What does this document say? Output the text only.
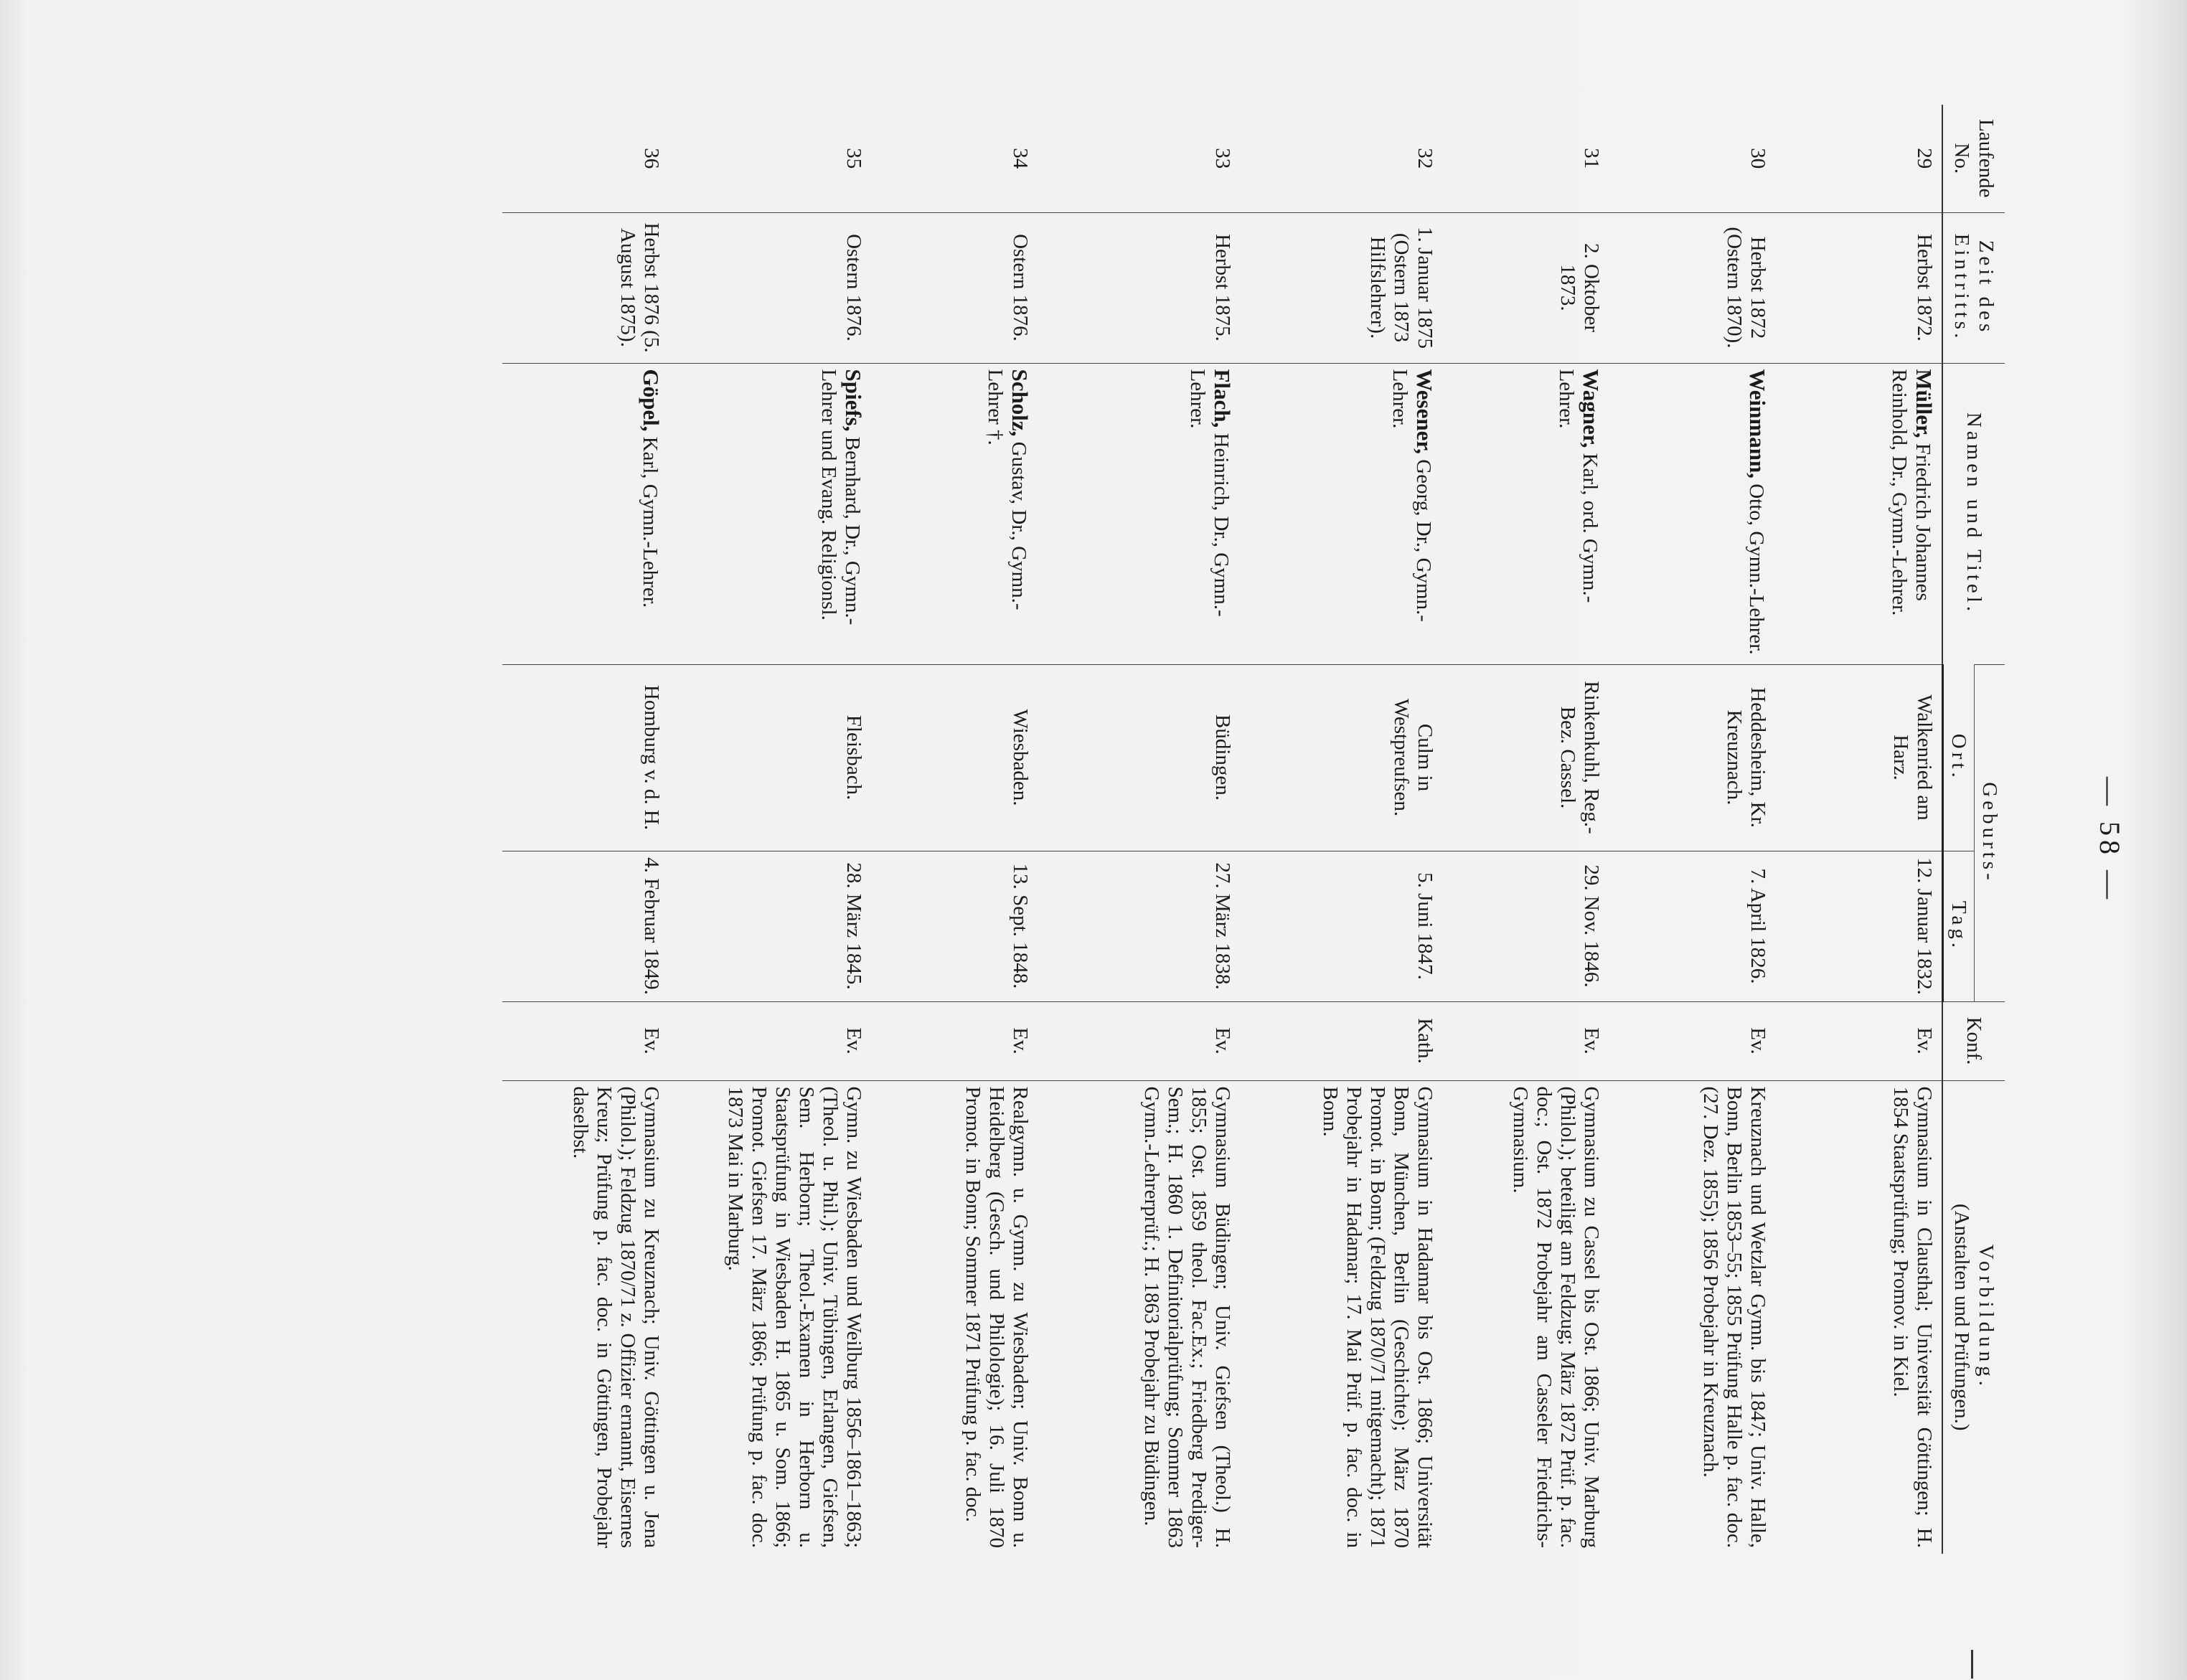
— 58 —
Laufende No.	Zeit des Eintritts.	Namen und Titel.	Geburts-		Konf.	Vorbildung.
(Anstalten und Prüfungen.)

			Ort.	Tag.		
29	Herbst 1872.	Müller, Friedrich Johannes Reinhold, Dr., Gymn.-Lehrer.	Walkenried am Harz.	12. Januar 1832.	Ev.	Gymnasium in Clausthal; Universität Göttingen; H. 1854 Staatsprüfung; Promov. in Kiel.
30	Herbst 1872 (Ostern 1870).	Weinmann, Otto, Gymn.-Lehrer.	Heddesheim, Kr. Kreuznach.	7. April 1826.	Ev.	Kreuznach und Wetzlar Gymn. bis 1847; Univ. Halle, Bonn, Berlin 1853–55; 1855 Prüfung Halle p. fac. doc. (27. Dez. 1855); 1856 Probejahr in Kreuznach.
31	2. Oktober 1873.	Wagner, Karl, ord. Gymn.-Lehrer.	Rinkenkuhl, Reg.-Bez. Cassel.	29. Nov. 1846.	Ev.	Gymnasium zu Cassel bis Ost. 1866; Univ. Marburg (Philol.); beteiligt am Feldzug; März 1872 Prüf. p. fac. doc.; Ost. 1872 Probejahr am Casseler Friedrichs-Gymnasium.
32	1. Januar 1875 (Ostern 1873 Hilfslehrer).	Wesener, Georg, Dr., Gymn.-Lehrer.	Culm in Westpreufsen.	5. Juni 1847.	Kath.	Gymnasium in Hadamar bis Ost. 1866; Universität Bonn, München, Berlin (Geschichte); März 1870 Promot. in Bonn; (Feldzug 1870/71 mitgemacht); 1871 Probejahr in Hadamar; 17. Mai Prüf. p. fac. doc. in Bonn.
33	Herbst 1875.	Flach, Heinrich, Dr., Gymn.-Lehrer.	Büdingen.	27. März 1838.	Ev.	Gymnasium Büdingen; Univ. Giefsen (Theol.) H. 1855; Ost. 1859 theol. Fac.Ex.; Friedberg Prediger-Sem.; H. 1860 1. Definitorialprüfung; Sommer 1863 Gymn.-Lehrerprüf.; H. 1863 Probejahr zu Büdingen.
34	Ostern 1876.	Scholz, Gustav, Dr., Gymn.-Lehrer †.	Wiesbaden.	13. Sept. 1848.	Ev.	Realgymn. u. Gymn. zu Wiesbaden; Univ. Bonn u. Heidelberg (Gesch. und Philologie); 16. Juli 1870 Promot. in Bonn; Sommer 1871 Prüfung p. fac. doc.
35	Ostern 1876.	Spiefs, Bernhard, Dr., Gymn.-Lehrer und Evang. Religionsl.	Fleisbach.	28. März 1845.	Ev.	Gymn. zu Wiesbaden und Weilburg 1856–1861–1863; (Theol. u. Phil.); Univ. Tübingen, Erlangen, Giefsen, Sem. Herborn; Theol.-Examen in Herborn u. Staatsprüfung in Wiesbaden H. 1865 u. Som. 1866; Promot. Giefsen 17. März 1866; Prüfung p. fac. doc. 1873 Mai in Marburg.
36	Herbst 1876 (5. August 1875).	Göpel, Karl, Gymn.-Lehrer.	Homburg v. d. H.	4. Februar 1849.	Ev.	Gymnasium zu Kreuznach; Univ. Göttingen u. Jena (Philol.); Feldzug 1870/71 z. Offizier ernannt, Eisernes Kreuz; Prüfung p. fac. doc. in Göttingen, Probejahr daselbst.
